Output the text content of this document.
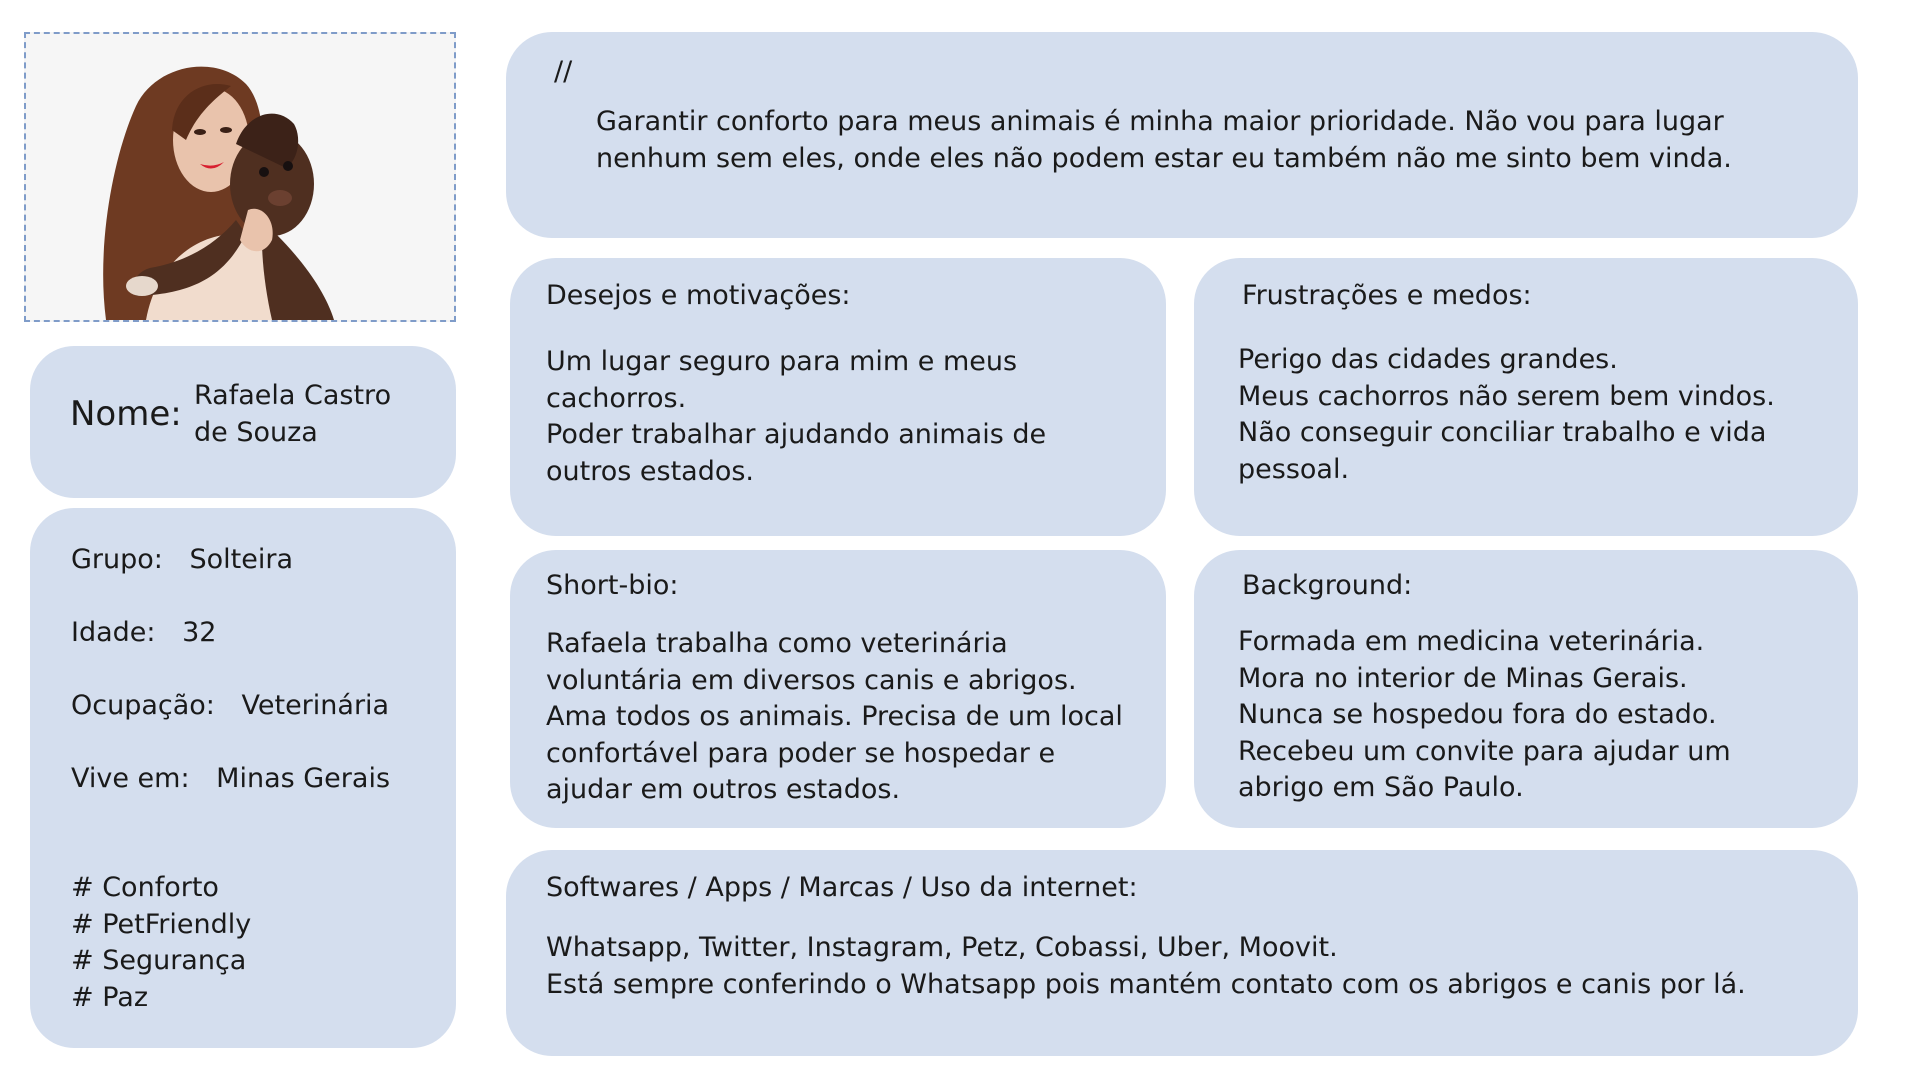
//
Garantir conforto para meus animais é minha maior prioridade. Não vou para lugar
nenhum sem eles, onde eles não podem estar eu também não me sinto bem vinda.
Nome: Rafaela Castro
de Souza
Grupo: Solteira
Idade: 32
Ocupação: Veterinária
Vive em: Minas Gerais
# Conforto
# PetFriendly
# Segurança
# Paz
Desejos e motivações:
Um lugar seguro para mim e meus
cachorros.
Poder trabalhar ajudando animais de
outros estados.
Frustrações e medos:
Perigo das cidades grandes.
Meus cachorros não serem bem vindos.
Não conseguir conciliar trabalho e vida
pessoal.
Short-bio:
Rafaela trabalha como veterinária
voluntária em diversos canis e abrigos.
Ama todos os animais. Precisa de um local
confortável para poder se hospedar e
ajudar em outros estados.
Background:
Formada em medicina veterinária.
Mora no interior de Minas Gerais.
Nunca se hospedou fora do estado.
Recebeu um convite para ajudar um
abrigo em São Paulo.
Softwares / Apps / Marcas / Uso da internet:
Whatsapp, Twitter, Instagram, Petz, Cobassi, Uber, Moovit.
Está sempre conferindo o Whatsapp pois mantém contato com os abrigos e canis por lá.
